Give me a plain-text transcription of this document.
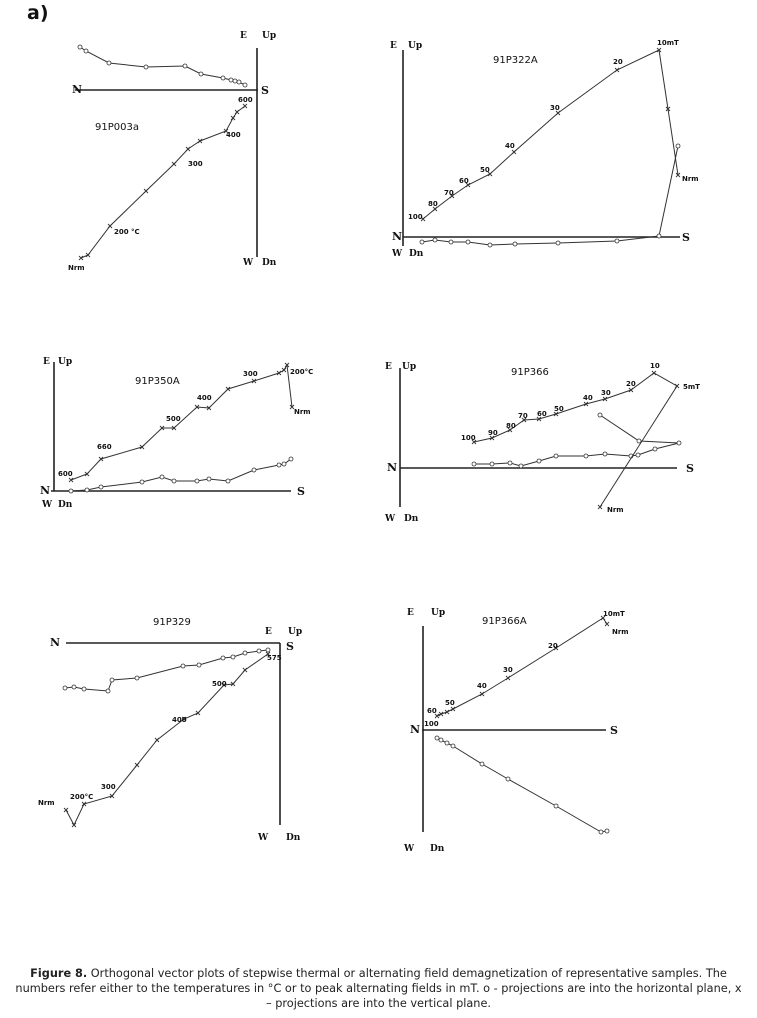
a)
N	S
E Up
W Dn
91P003a
Nrm
200 °C
300
400
600
N	S
E Up
W Dn
91P322A
100
80
70
60
50
40
30
20
10mT
Nrm
N	S
E Up
W Dn
91P350A
600
660
500
400
300	200°C
Nrm
N	S
E Up
W Dn
91P366
100
90
80
70 60
50
40
30
20
10
5mT
Nrm
N	S
E Up
W Dn
91P329
Nrm
200°C
300
400
500
575
N	S
E Up
W Dn
91P366A
100
60
50
40
30
20
10mT
Nrm
Figure 8. Orthogonal vector plots of stepwise thermal or alternating field demagnetization of representative samples. The numbers refer either to the temperatures in °C or to peak alternating fields in mT. o - projections are into the horizontal plane, x – projections are into the vertical plane.
